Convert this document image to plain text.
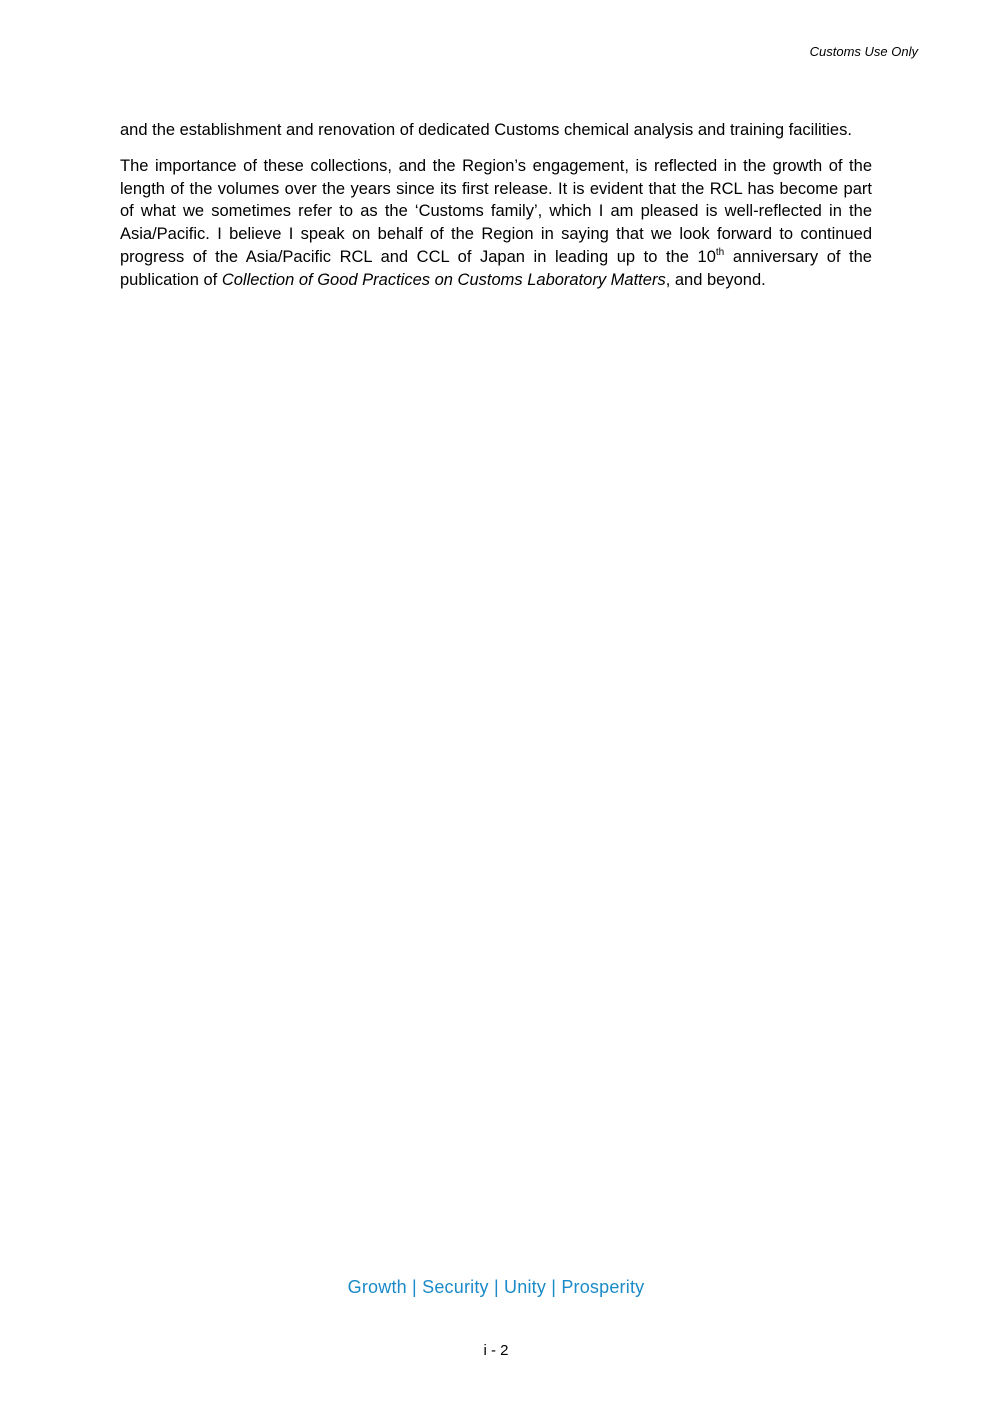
Customs Use Only

and the establishment and renovation of dedicated Customs chemical analysis and training facilities.

The importance of these collections, and the Region’s engagement, is reflected in the growth of the length of the volumes over the years since its first release. It is evident that the RCL has become part of what we sometimes refer to as the ‘Customs family’, which I am pleased is well-reflected in the Asia/Pacific. I believe I speak on behalf of the Region in saying that we look forward to continued progress of the Asia/Pacific RCL and CCL of Japan in leading up to the 10th anniversary of the publication of Collection of Good Practices on Customs Laboratory Matters, and beyond.

Growth | Security | Unity | Prosperity
i - 2
